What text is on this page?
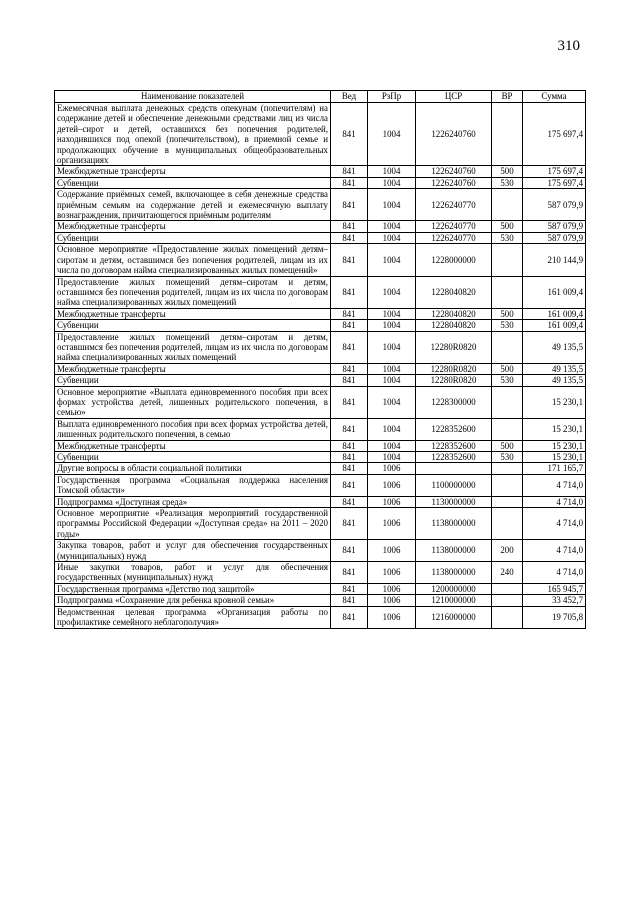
310
Наименование показателей	Вед	РзПр	ЦСР	ВР	Сумма
Ежемесячная выплата денежных средств опекунам (попечителям) на содержание детей и обеспечение денежными средствами лиц из числа детей–сирот и детей, оставшихся без попечения родителей, находившихся под опекой (попечительством), в приемной семье и продолжающих обучение в муниципальных общеобразовательных организациях	841	1004	1226240760		175 697,4
Межбюджетные трансферты	841	1004	1226240760	500	175 697,4
Субвенции	841	1004	1226240760	530	175 697,4
Содержание приёмных семей, включающее в себя денежные средства приёмным семьям на содержание детей и ежемесячную выплату вознаграждения, причитающегося приёмным родителям	841	1004	1226240770		587 079,9
Межбюджетные трансферты	841	1004	1226240770	500	587 079,9
Субвенции	841	1004	1226240770	530	587 079,9
Основное мероприятие «Предоставление жилых помещений детям–сиротам и детям, оставшимся без попечения родителей, лицам из их числа по договорам найма специализированных жилых помещений»	841	1004	1228000000		210 144,9
Предоставление жилых помещений детям–сиротам и детям, оставшимся без попечения родителей, лицам из их числа по договорам найма специализированных жилых помещений	841	1004	1228040820		161 009,4
Межбюджетные трансферты	841	1004	1228040820	500	161 009,4
Субвенции	841	1004	1228040820	530	161 009,4
Предоставление жилых помещений детям–сиротам и детям, оставшимся без попечения родителей, лицам из их числа по договорам найма специализированных жилых помещений	841	1004	12280R0820		49 135,5
Межбюджетные трансферты	841	1004	12280R0820	500	49 135,5
Субвенции	841	1004	12280R0820	530	49 135,5
Основное мероприятие «Выплата единовременного пособия при всех формах устройства детей, лишенных родительского попечения, в семью»	841	1004	1228300000		15 230,1
Выплата единовременного пособия при всех формах устройства детей, лишенных родительского попечения, в семью	841	1004	1228352600		15 230,1
Межбюджетные трансферты	841	1004	1228352600	500	15 230,1
Субвенции	841	1004	1228352600	530	15 230,1
Другие вопросы в области социальной политики	841	1006			171 165,7
Государственная программа «Социальная поддержка населения Томской области»	841	1006	1100000000		4 714,0
Подпрограмма «Доступная среда»	841	1006	1130000000		4 714,0
Основное мероприятие «Реализация мероприятий государственной программы Российской Федерации «Доступная среда» на 2011 – 2020 годы»	841	1006	1138000000		4 714,0
Закупка товаров, работ и услуг для обеспечения государственных (муниципальных) нужд	841	1006	1138000000	200	4 714,0
Иные закупки товаров, работ и услуг для обеспечения государственных (муниципальных) нужд	841	1006	1138000000	240	4 714,0
Государственная программа «Детство под защитой»	841	1006	1200000000		165 945,7
Подпрограмма «Сохранение для ребенка кровной семьи»	841	1006	1210000000		33 452,7
Ведомственная целевая программа «Организация работы по профилактике семейного неблагополучия»	841	1006	1216000000		19 705,8
